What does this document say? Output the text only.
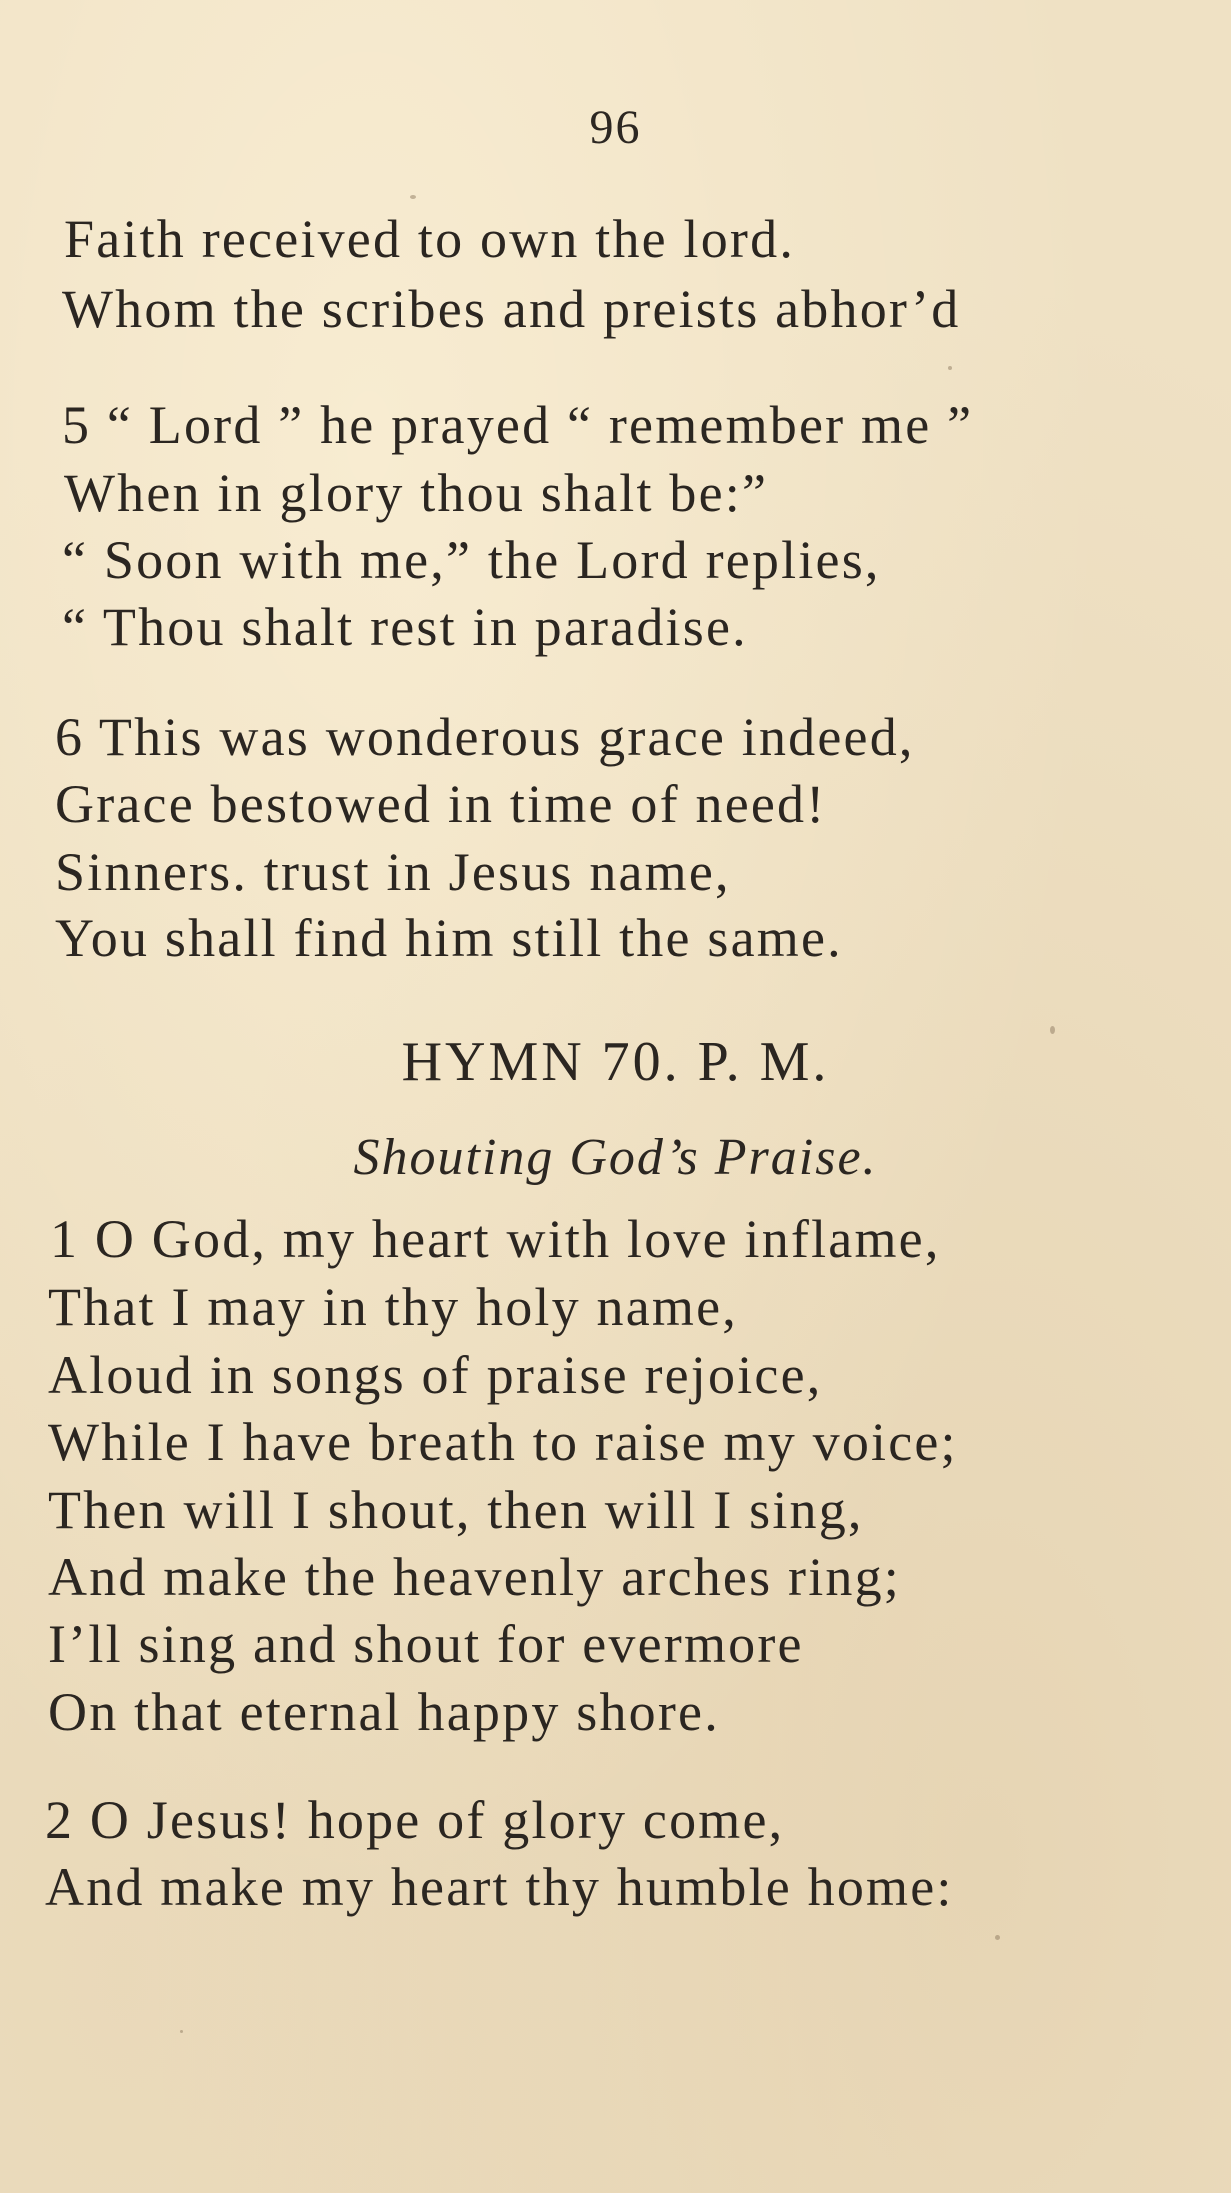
96
Faith received to own the lord.
Whom the scribes and preists abhor’d
5 “ Lord ” he prayed “ remember me ”
When in glory thou shalt be:”
“ Soon with me,” the Lord replies,
“ Thou shalt rest in paradise.
6 This was wonderous grace indeed,
Grace bestowed in time of need!
Sinners. trust in Jesus name,
You shall find him still the same.
HYMN 70. P. M.
Shouting God’s Praise.
1 O God, my heart with love inflame,
That I may in thy holy name,
Aloud in songs of praise rejoice,
While I have breath to raise my voice;
Then will I shout, then will I sing,
And make the heavenly arches ring;
I’ll sing and shout for evermore
On that eternal happy shore.
2 O Jesus! hope of glory come,
And make my heart thy humble home:
